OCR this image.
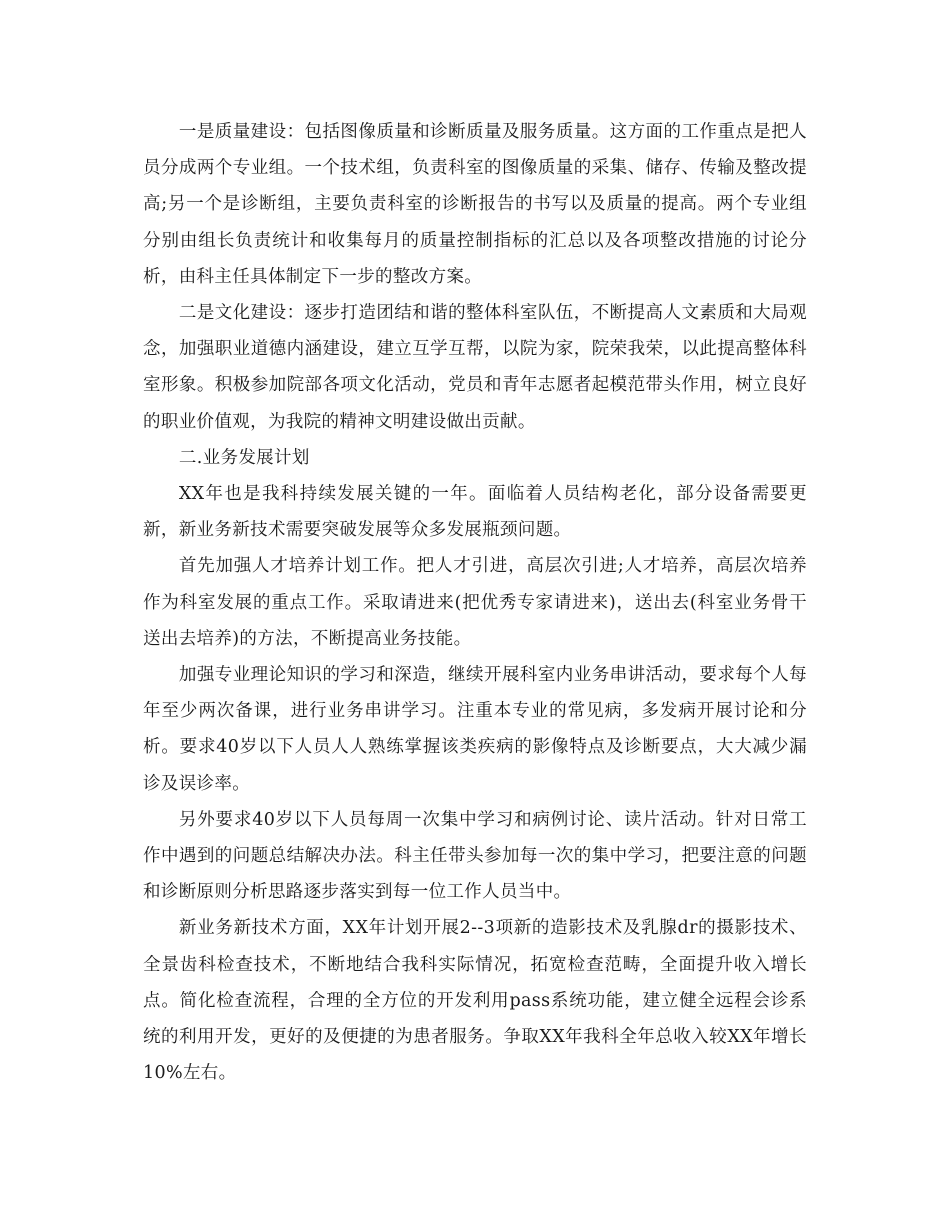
一是质量建设：包括图像质量和诊断质量及服务质量。这方面的工作重点是把人员分成两个专业组。一个技术组，负责科室的图像质量的采集、储存、传输及整改提高;另一个是诊断组，主要负责科室的诊断报告的书写以及质量的提高。两个专业组分别由组长负责统计和收集每月的质量控制指标的汇总以及各项整改措施的讨论分析，由科主任具体制定下一步的整改方案。

二是文化建设：逐步打造团结和谐的整体科室队伍，不断提高人文素质和大局观念，加强职业道德内涵建设，建立互学互帮，以院为家，院荣我荣，以此提高整体科室形象。积极参加院部各项文化活动，党员和青年志愿者起模范带头作用，树立良好的职业价值观，为我院的精神文明建设做出贡献。

二.业务发展计划

XX年也是我科持续发展关键的一年。面临着人员结构老化，部分设备需要更新，新业务新技术需要突破发展等众多发展瓶颈问题。

首先加强人才培养计划工作。把人才引进，高层次引进;人才培养，高层次培养作为科室发展的重点工作。采取请进来(把优秀专家请进来)，送出去(科室业务骨干送出去培养)的方法，不断提高业务技能。

加强专业理论知识的学习和深造，继续开展科室内业务串讲活动，要求每个人每年至少两次备课，进行业务串讲学习。注重本专业的常见病，多发病开展讨论和分析。要求40岁以下人员人人熟练掌握该类疾病的影像特点及诊断要点，大大减少漏诊及误诊率。

另外要求40岁以下人员每周一次集中学习和病例讨论、读片活动。针对日常工作中遇到的问题总结解决办法。科主任带头参加每一次的集中学习，把要注意的问题和诊断原则分析思路逐步落实到每一位工作人员当中。

新业务新技术方面，XX年计划开展2--3项新的造影技术及乳腺dr的摄影技术、全景齿科检查技术，不断地结合我科实际情况，拓宽检查范畴，全面提升收入增长点。简化检查流程，合理的全方位的开发利用pass系统功能，建立健全远程会诊系统的利用开发，更好的及便捷的为患者服务。争取XX年我科全年总收入较XX年增长10%左右。
